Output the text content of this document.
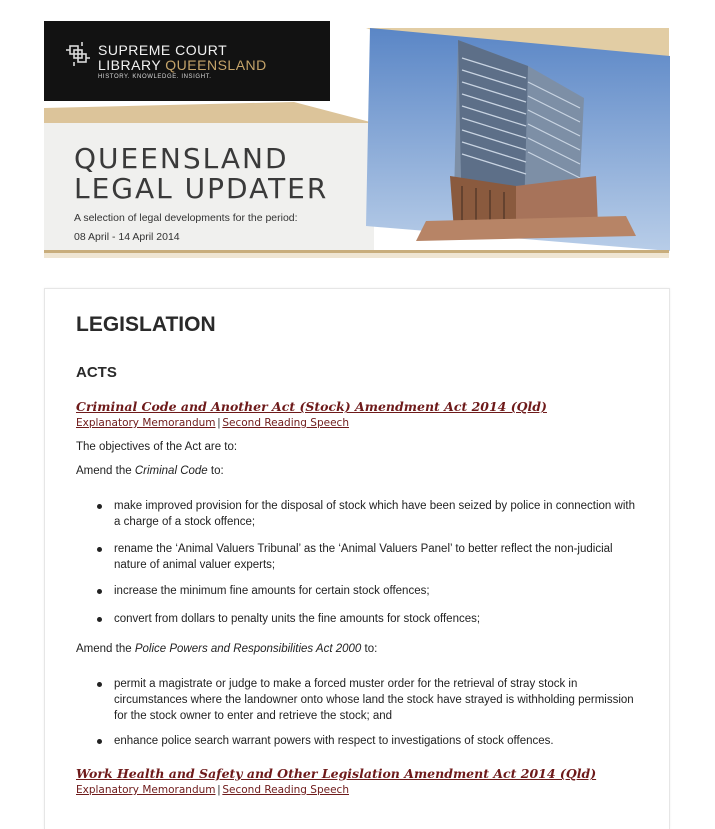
SUPREME COURT
LIBRARY QUEENSLAND
HISTORY. KNOWLEDGE. INSIGHT.
QUEENSLAND
LEGAL UPDATER
A selection of legal developments for the period:
08 April - 14 April 2014
LEGISLATION
ACTS
Criminal Code and Another Act (Stock) Amendment Act 2014 (Qld)
Explanatory Memorandum | Second Reading Speech
The objectives of the Act are to:
Amend the Criminal Code to:
make improved provision for the disposal of stock which have been seized by police in connection with a charge of a stock offence;
rename the ‘Animal Valuers Tribunal’ as the ‘Animal Valuers Panel’ to better reflect the non-judicial nature of animal valuer experts;
increase the minimum fine amounts for certain stock offences;
convert from dollars to penalty units the fine amounts for stock offences;
Amend the Police Powers and Responsibilities Act 2000 to:
permit a magistrate or judge to make a forced muster order for the retrieval of stray stock in circumstances where the landowner onto whose land the stock have strayed is withholding permission for the stock owner to enter and retrieve the stock; and
enhance police search warrant powers with respect to investigations of stock offences.
Work Health and Safety and Other Legislation Amendment Act 2014 (Qld)
Explanatory Memorandum | Second Reading Speech
